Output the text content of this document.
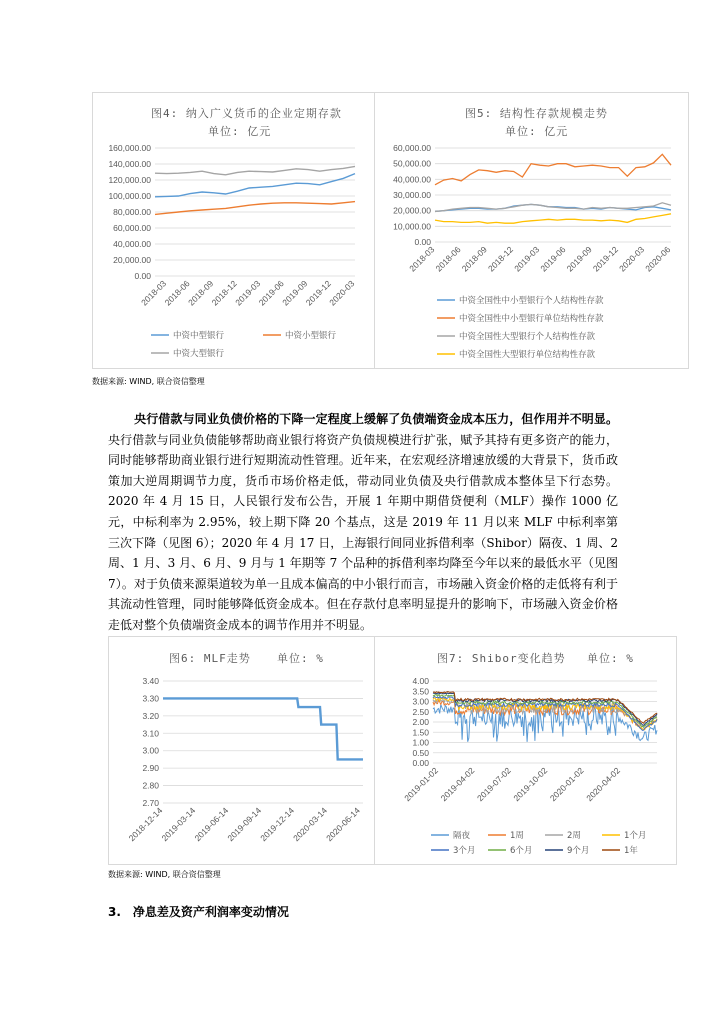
图4: 纳入广义货币的企业定期存款
单位: 亿元
160,000.00
140,000.00
120,000.00
100,000.00
80,000.00
60,000.00
40,000.00
20,000.00
0.00
2018-03
2018-06
2018-09
2018-12
2019-03
2019-06
2019-09
2019-12
2020-03
中资中型银行	中资小型银行
中资大型银行
图5: 结构性存款规模走势
单位: 亿元
60,000.00
50,000.00
40,000.00
30,000.00
20,000.00
10,000.00
0.00
2018-03
2018-06
2018-09
2018-12
2019-03
2019-06
2019-09
2019-12
2020-03
2020-06
中资全国性中小型银行个人结构性存款
中资全国性中小型银行单位结构性存款
中资全国性大型银行个人结构性存款
中资全国性大型银行单位结构性存款
数据来源: WIND, 联合资信整理
央行借款与同业负债价格的下降一定程度上缓解了负债端资金成本压力，但作用并不明显。央行借款与同业负债能够帮助商业银行将资产负债规模进行扩张，赋予其持有更多资产的能力，同时能够帮助商业银行进行短期流动性管理。近年来，在宏观经济增速放缓的大背景下，货币政策加大逆周期调节力度，货币市场价格走低，带动同业负债及央行借款成本整体呈下行态势。2020 年 4 月 15 日，人民银行发布公告，开展 1 年期中期借贷便利（MLF）操作 1000 亿元，中标利率为 2.95%，较上期下降 20 个基点，这是 2019 年 11 月以来 MLF 中标利率第三次下降（见图 6）；2020 年 4 月 17 日，上海银行间同业拆借利率（Shibor）隔夜、1 周、2 周、1 月、3 月、6 月、9 月与 1 年期等 7 个品种的拆借利率均降至今年以来的最低水平（见图 7）。对于负债来源渠道较为单一且成本偏高的中小银行而言，市场融入资金价格的走低将有利于其流动性管理，同时能够降低资金成本。但在存款付息率明显提升的影响下，市场融入资金价格走低对整个负债端资金成本的调节作用并不明显。
图6: MLF走势 单位: %
3.40
3.30
3.20
3.10
3.00
2.90
2.80
2.70
2018-12-14
2019-03-14
2019-06-14
2019-09-14
2019-12-14
2020-03-14
2020-06-14
图7: Shibor变化趋势 单位: %
4.00
3.50
3.00
2.50
2.00
1.50
1.00
0.50
0.00
2019-01-02
2019-04-02
2019-07-02
2019-10-02
2020-01-02
2020-04-02
隔夜	1周	2周	1个月
3个月	6个月	9个月	1年
数据来源: WIND, 联合资信整理
3. 净息差及资产利润率变动情况
